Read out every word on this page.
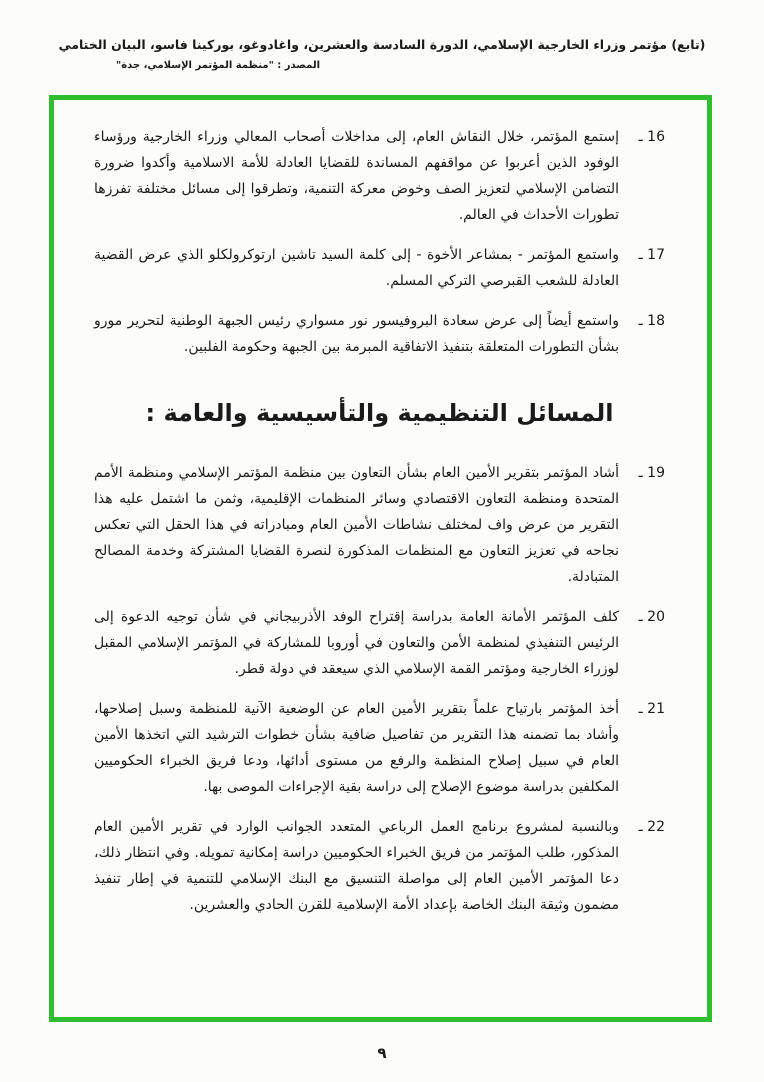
(تابع) مؤتمر وزراء الخارجية الإسلامي، الدورة السادسة والعشرين، واغادوغو، بوركينا فاسو، البيان الختامي
المصدر : "منظمة المؤتمر الإسلامي، جدة"
16 ـ

إستمع المؤتمر، خلال النقاش العام، إلى مداخلات أصحاب المعالي وزراء الخارجية ورؤساء الوفود الذين أعربوا عن مواقفهم المساندة للقضايا العادلة للأمة الاسلامية وأكدوا ضرورة التضامن الإسلامي لتعزيز الصف وخوض معركة التنمية، وتطرقوا إلى مسائل مختلفة تفرزها تطورات الأحداث في العالم.

17 ـ

واستمع المؤتمر - بمشاعر الأخوة - إلى كلمة السيد تاشين ارتوكرولكلو الذي عرض القضية العادلة للشعب القبرصي التركي المسلم.

18 ـ

واستمع أيضاً إلى عرض سعادة البروفيسور نور مسواري رئيس الجبهة الوطنية لتحرير مورو بشأن التطورات المتعلقة بتنفيذ الاتفاقية المبرمة بين الجبهة وحكومة الفلبين.

المسائل التنظيمية والتأسيسية والعامة :
19 ـ

أشاد المؤتمر بتقرير الأمين العام بشأن التعاون بين منظمة المؤتمر الإسلامي ومنظمة الأمم المتحدة ومنظمة التعاون الاقتصادي وسائر المنظمات الإقليمية، وثمن ما اشتمل عليه هذا التقرير من عرض واف لمختلف نشاطات الأمين العام ومبادراته في هذا الحقل التي تعكس نجاحه في تعزيز التعاون مع المنظمات المذكورة لنصرة القضايا المشتركة وخدمة المصالح المتبادلة.

20 ـ

كلف المؤتمر الأمانة العامة بدراسة إقتراح الوفد الأذربيجاني في شأن توجيه الدعوة إلى الرئيس التنفيذي لمنظمة الأمن والتعاون في أوروبا للمشاركة في المؤتمر الإسلامي المقبل لوزراء الخارجية ومؤتمر القمة الإسلامي الذي سيعقد في دولة قطر.

21 ـ

أخذ المؤتمر بارتياح علماً بتقرير الأمين العام عن الوضعية الآنية للمنظمة وسبل إصلاحها، وأشاد بما تضمنه هذا التقرير من تفاصيل ضافية بشأن خطوات الترشيد التي اتخذها الأمين العام في سبيل إصلاح المنظمة والرفع من مستوى أدائها، ودعا فريق الخبراء الحكوميين المكلفين بدراسة موضوع الإصلاح إلى دراسة بقية الإجراءات الموصى بها.

22 ـ

وبالنسبة لمشروع برنامج العمل الرباعي المتعدد الجوانب الوارد في تقرير الأمين العام المذكور، طلب المؤتمر من فريق الخبراء الحكوميين دراسة إمكانية تمويله. وفي انتظار ذلك، دعا المؤتمر الأمين العام إلى مواصلة التنسيق مع البنك الإسلامي للتنمية في إطار تنفيذ مضمون وثيقة البنك الخاصة بإعداد الأمة الإسلامية للقرن الحادي والعشرين.

٩
